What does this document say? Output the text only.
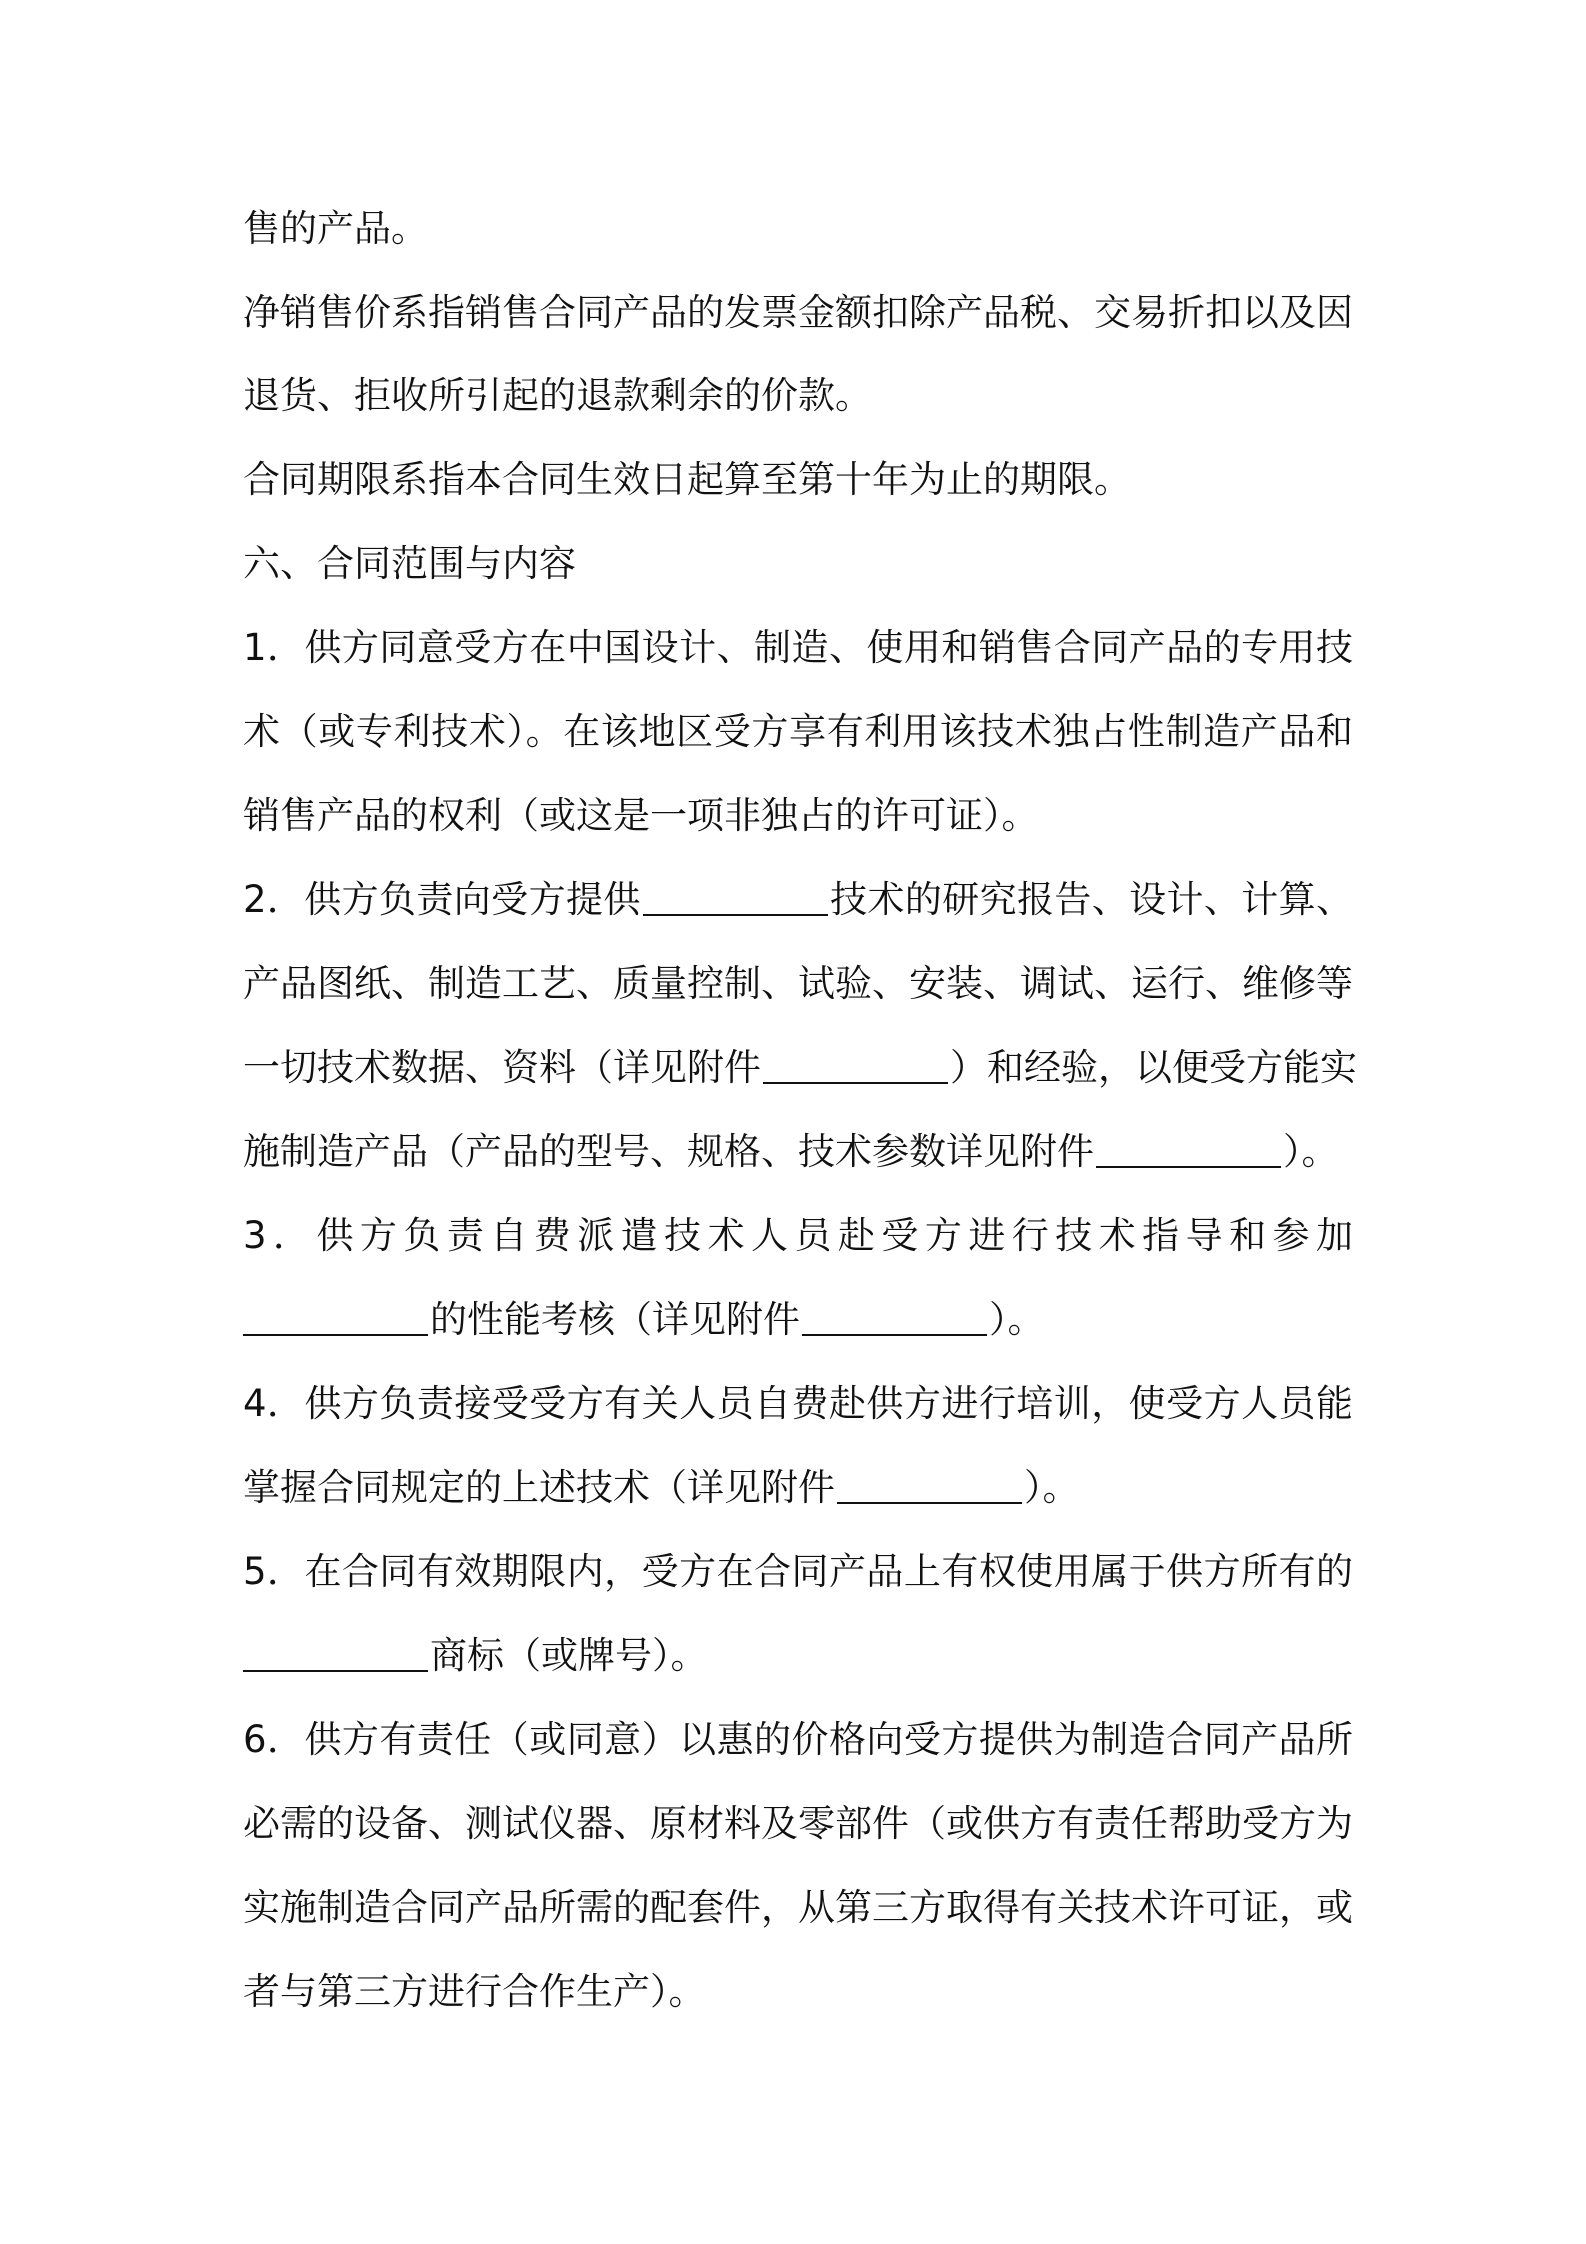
售的产品。

净销售价系指销售合同产品的发票金额扣除产品税、交易折扣以及因

退货、拒收所引起的退款剩余的价款。

合同期限系指本合同生效日起算至第十年为止的期限。

六、合同范围与内容

1．供方同意受方在中国设计、制造、使用和销售合同产品的专用技

术（或专利技术）。在该地区受方享有利用该技术独占性制造产品和

销售产品的权利（或这是一项非独占的许可证）。

2．供方负责向受方提供	技术的研究报告、设计、计算、

产品图纸、制造工艺、质量控制、试验、安装、调试、运行、维修等

一切技术数据、资料（详见附件	）和经验，以便受方能实

施制造产品（产品的型号、规格、技术参数详见附件	）。

3．供方负责自费派遣技术人员赴受方进行技术指导和参加

的性能考核（详见附件	）。

4．供方负责接受受方有关人员自费赴供方进行培训，使受方人员能

掌握合同规定的上述技术（详见附件	）。

5．在合同有效期限内，受方在合同产品上有权使用属于供方所有的

商标（或牌号）。

6．供方有责任（或同意）以惠的价格向受方提供为制造合同产品所

必需的设备、测试仪器、原材料及零部件（或供方有责任帮助受方为

实施制造合同产品所需的配套件，从第三方取得有关技术许可证，或

者与第三方进行合作生产）。
